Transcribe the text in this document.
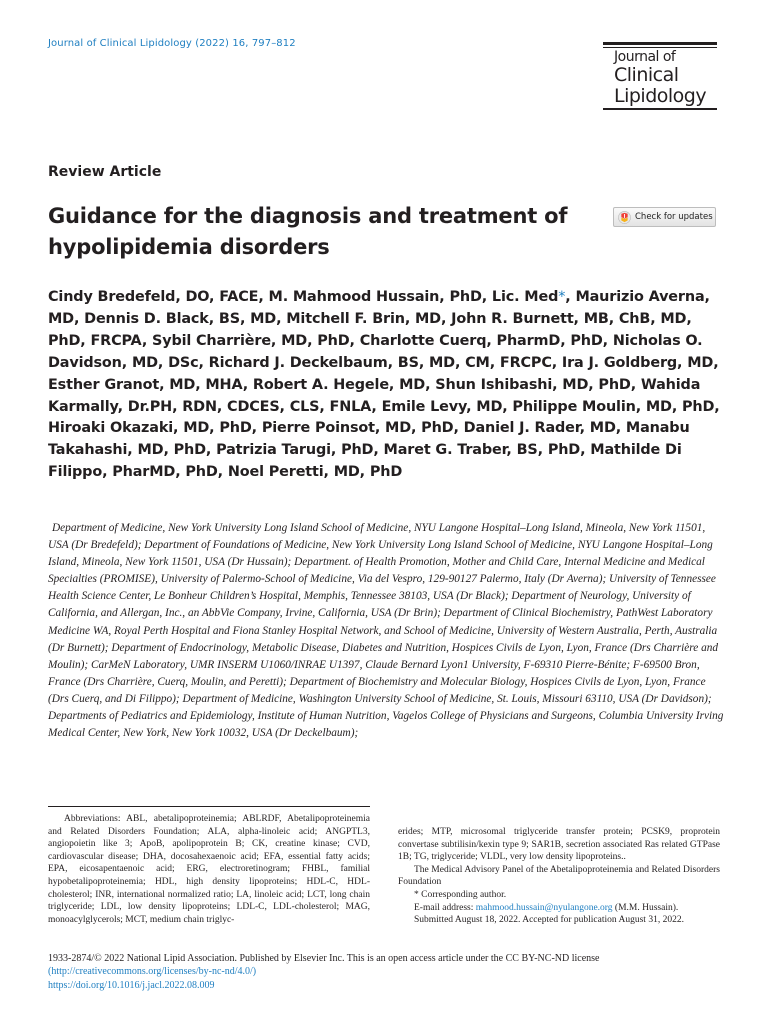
Journal of Clinical Lipidology (2022) 16, 797–812
Journal of
Clinical
Lipidology
Review Article
Guidance for the diagnosis and treatment of hypolipidemia disorders
Check for updates
Cindy Bredefeld, DO, FACE, M. Mahmood Hussain, PhD, Lic. Med*, Maurizio Averna, MD, Dennis D. Black, BS, MD, Mitchell F. Brin, MD, John R. Burnett, MB, ChB, MD, PhD, FRCPA, Sybil Charrière, MD, PhD, Charlotte Cuerq, PharmD, PhD, Nicholas O. Davidson, MD, DSc, Richard J. Deckelbaum, BS, MD, CM, FRCPC, Ira J. Goldberg, MD, Esther Granot, MD, MHA, Robert A. Hegele, MD, Shun Ishibashi, MD, PhD, Wahida Karmally, Dr.PH, RDN, CDCES, CLS, FNLA, Emile Levy, MD, Philippe Moulin, MD, PhD, Hiroaki Okazaki, MD, PhD, Pierre Poinsot, MD, PhD, Daniel J. Rader, MD, Manabu Takahashi, MD, PhD, Patrizia Tarugi, PhD, Maret G. Traber, BS, PhD, Mathilde Di Filippo, PharMD, PhD, Noel Peretti, MD, PhD
Department of Medicine, New York University Long Island School of Medicine, NYU Langone Hospital–Long Island, Mineola, New York 11501, USA (Dr Bredefeld); Department of Foundations of Medicine, New York University Long Island School of Medicine, NYU Langone Hospital–Long Island, Mineola, New York 11501, USA (Dr Hussain); Department. of Health Promotion, Mother and Child Care, Internal Medicine and Medical Specialties (PROMISE), University of Palermo-School of Medicine, Via del Vespro, 129-90127 Palermo, Italy (Dr Averna); University of Tennessee Health Science Center, Le Bonheur Children’s Hospital, Memphis, Tennessee 38103, USA (Dr Black); Department of Neurology, University of California, and Allergan, Inc., an AbbVie Company, Irvine, California, USA (Dr Brin); Department of Clinical Biochemistry, PathWest Laboratory Medicine WA, Royal Perth Hospital and Fiona Stanley Hospital Network, and School of Medicine, University of Western Australia, Perth, Australia (Dr Burnett); Department of Endocrinology, Metabolic Disease, Diabetes and Nutrition, Hospices Civils de Lyon, Lyon, France (Drs Charrière and Moulin); CarMeN Laboratory, UMR INSERM U1060/INRAE U1397, Claude Bernard Lyon1 University, F-69310 Pierre-Bénite; F-69500 Bron, France (Drs Charrière, Cuerq, Moulin, and Peretti); Department of Biochemistry and Molecular Biology, Hospices Civils de Lyon, Lyon, France (Drs Cuerq, and Di Filippo); Department of Medicine, Washington University School of Medicine, St. Louis, Missouri 63110, USA (Dr Davidson); Departments of Pediatrics and Epidemiology, Institute of Human Nutrition, Vagelos College of Physicians and Surgeons, Columbia University Irving Medical Center, New York, New York 10032, USA (Dr Deckelbaum);

Abbreviations: ABL, abetalipoproteinemia; ABLRDF, Abetalipoproteinemia and Related Disorders Foundation; ALA, alpha-linoleic acid; ANGPTL3, angiopoietin like 3; ApoB, apolipoprotein B; CK, creatine kinase; CVD, cardiovascular disease; DHA, docosahexaenoic acid; EFA, essential fatty acids; EPA, eicosapentaenoic acid; ERG, electroretinogram; FHBL, familial hypobetalipoproteinemia; HDL, high density lipoproteins; HDL-C, HDL-cholesterol; INR, international normalized ratio; LA, linoleic acid; LCT, long chain triglyceride; LDL, low density lipoproteins; LDL-C, LDL-cholesterol; MAG, monoacylglycerols; MCT, medium chain triglyc-

erides; MTP, microsomal triglyceride transfer protein; PCSK9, proprotein convertase subtilisin/kexin type 9; SAR1B, secretion associated Ras related GTPase 1B; TG, triglyceride; VLDL, very low density lipoproteins..

The Medical Advisory Panel of the Abetalipoproteinemia and Related Disorders Foundation

* Corresponding author.

E-mail address: mahmood.hussain@nyulangone.org (M.M. Hussain).

Submitted August 18, 2022. Accepted for publication August 31, 2022.

1933-2874/© 2022 National Lipid Association. Published by Elsevier Inc. This is an open access article under the CC BY-NC-ND license
(http://creativecommons.org/licenses/by-nc-nd/4.0/)
https://doi.org/10.1016/j.jacl.2022.08.009
